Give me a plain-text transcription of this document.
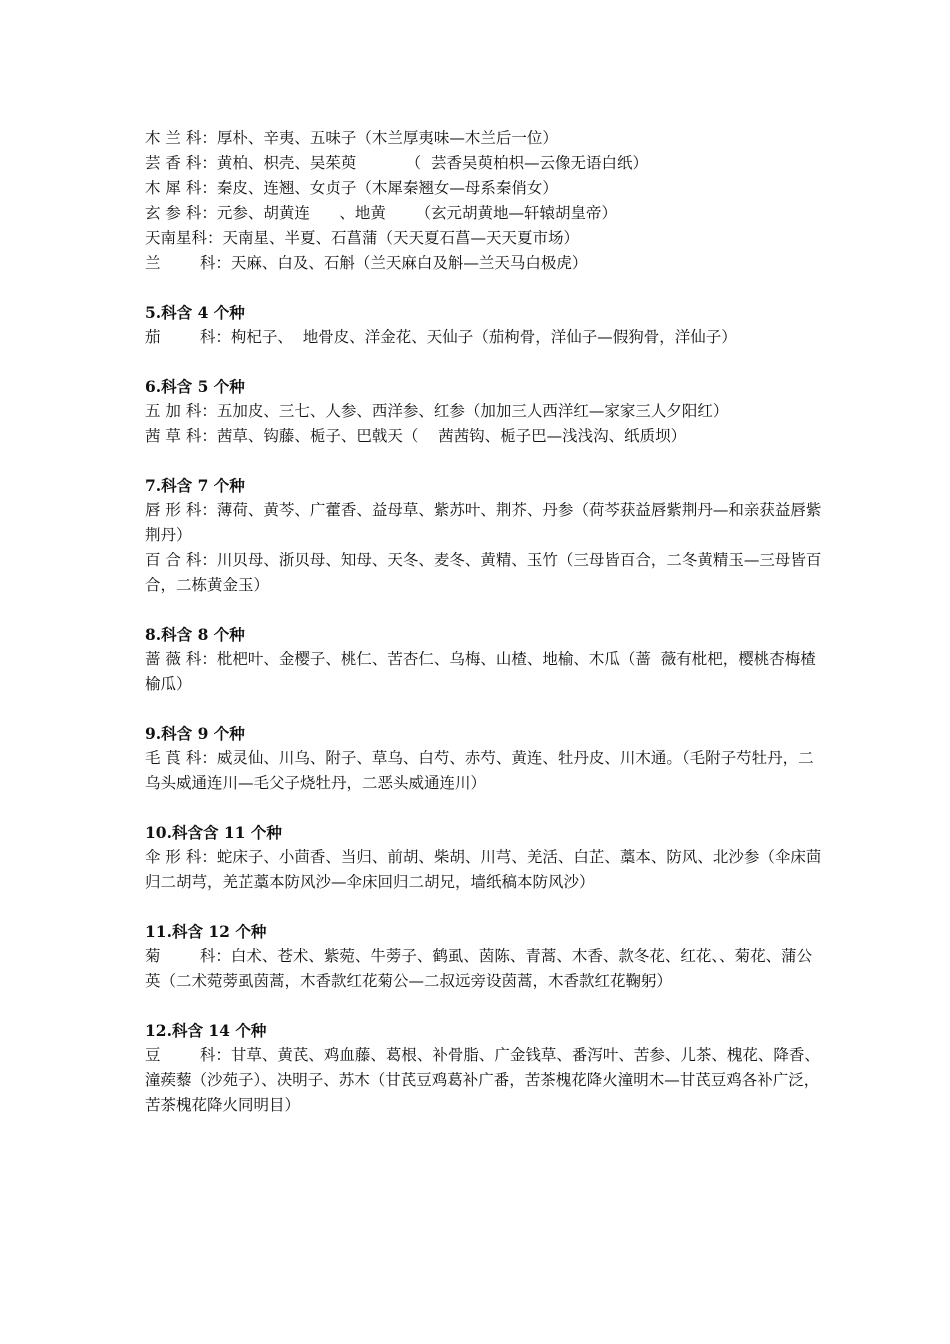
木 兰 科：厚朴、辛夷、五味子（木兰厚夷味—木兰后一位）

芸 香 科：黄柏、枳壳、吴茱萸          （  芸香吴萸柏枳—云像无语白纸）

木 犀 科：秦皮、连翘、女贞子（木犀秦翘女—母系秦俏女）

玄 参 科：元参、胡黄连      、地黄      （玄元胡黄地—轩辕胡皇帝）

天南星科：天南星、半夏、石菖蒲（天天夏石菖—天天夏市场）

兰        科：天麻、白及、石斛（兰天麻白及斛—兰天马白极虎）

5.科含 4 个种

茄        科：枸杞子、  地骨皮、洋金花、天仙子（茄枸骨，洋仙子—假狗骨，洋仙子）

6.科含 5 个种

五 加 科：五加皮、三七、人参、西洋参、红参（加加三人西洋红—家家三人夕阳红）

茜 草 科：茜草、钩藤、栀子、巴戟天（    茜茜钩、栀子巴—浅浅沟、纸质坝）

7.科含 7 个种

唇 形 科：薄荷、黄芩、广藿香、益母草、紫苏叶、荆芥、丹参（荷芩获益唇紫荆丹—和亲获益唇紫荆丹）

百 合 科：川贝母、浙贝母、知母、天冬、麦冬、黄精、玉竹（三母皆百合，二冬黄精玉—三母皆百合，二栋黄金玉）

8.科含 8 个种

蔷 薇 科：枇杷叶、金樱子、桃仁、苦杏仁、乌梅、山楂、地榆、木瓜（蔷  薇有枇杷，樱桃杏梅楂榆瓜）

9.科含 9 个种

毛 莨 科：威灵仙、川乌、附子、草乌、白芍、赤芍、黄连、牡丹皮、川木通。（毛附子芍牡丹，二乌头威通连川—毛父子烧牡丹，二恶头威通连川）

10.科含含 11 个种

伞 形 科：蛇床子、小茴香、当归、前胡、柴胡、川芎、羌活、白芷、藁本、防风、北沙参（伞床茴归二胡芎，羌芷藁本防风沙—伞床回归二胡兄，墙纸稿本防风沙）

11.科含 12 个种

菊        科：白术、苍术、紫菀、牛蒡子、鹤虱、茵陈、青蒿、木香、款冬花、红花、、菊花、蒲公英（二术菀蒡虱茵蒿，木香款红花菊公—二叔远旁设茵蒿，木香款红花鞠躬）

12.科含 14 个种

豆        科：甘草、黄芪、鸡血藤、葛根、补骨脂、广金钱草、番泻叶、苦参、儿茶、槐花、降香、潼蒺藜（沙苑子）、决明子、苏木（甘芪豆鸡葛补广番，苦茶槐花降火潼明木—甘芪豆鸡各补广泛，苦茶槐花降火同明目）
